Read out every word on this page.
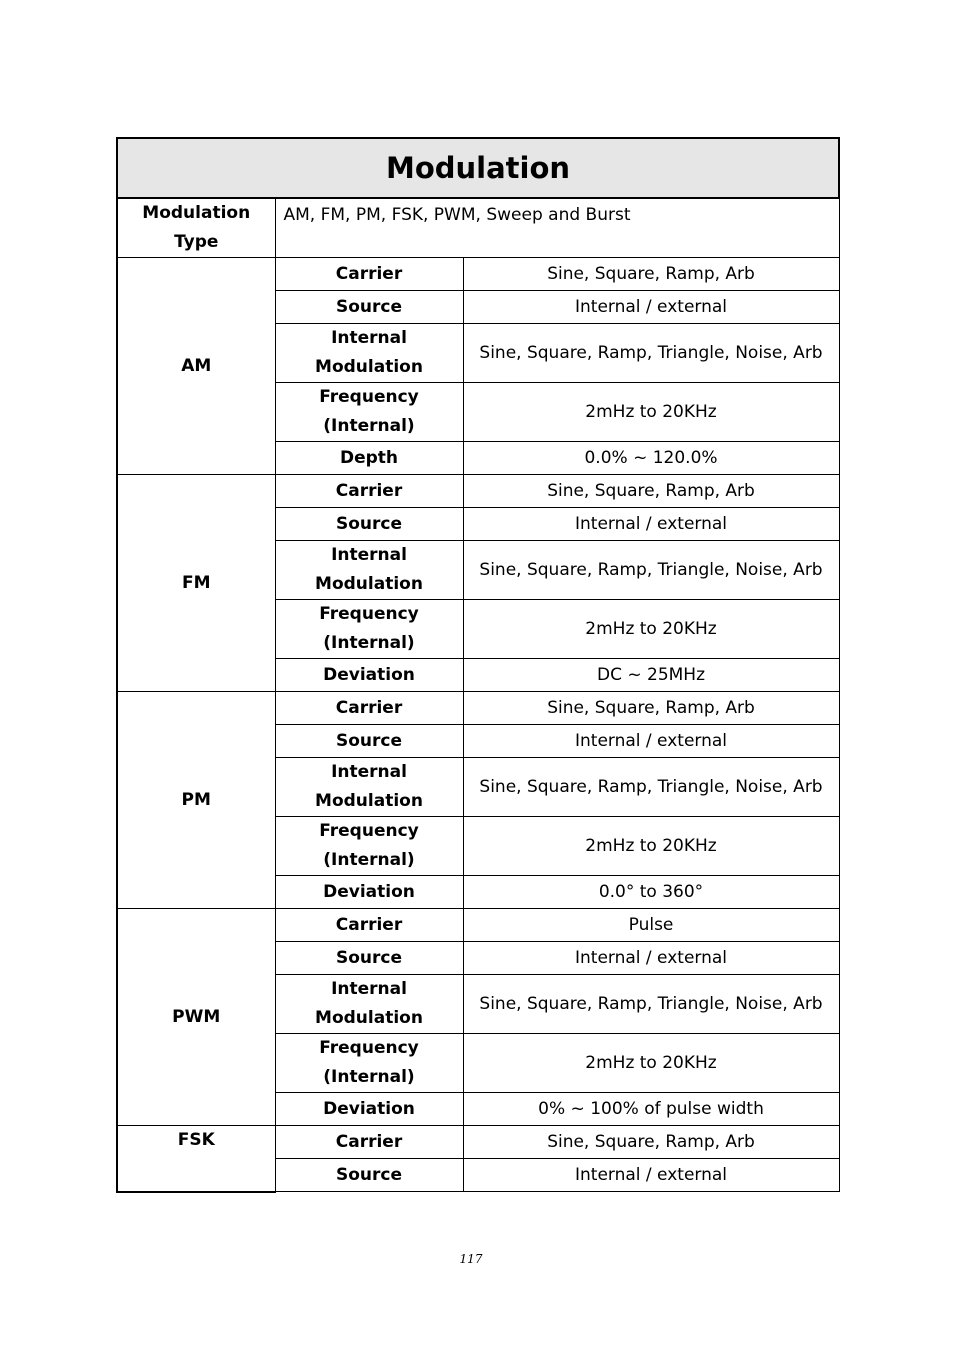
Modulation		
Modulation Type	AM, FM, PM, FSK, PWM, Sweep and Burst	
AM	Carrier	Sine, Square, Ramp, Arb
	Source	Internal / external
	Internal Modulation	Sine, Square, Ramp, Triangle, Noise, Arb
	Frequency (Internal)	2mHz to 20KHz
	Depth	0.0% ~ 120.0%
FM	Carrier	Sine, Square, Ramp, Arb
	Source	Internal / external
	Internal Modulation	Sine, Square, Ramp, Triangle, Noise, Arb
	Frequency (Internal)	2mHz to 20KHz
	Deviation	DC ~ 25MHz
PM	Carrier	Sine, Square, Ramp, Arb
	Source	Internal / external
	Internal Modulation	Sine, Square, Ramp, Triangle, Noise, Arb
	Frequency (Internal)	2mHz to 20KHz
	Deviation	0.0° to 360°
PWM	Carrier	Pulse
	Source	Internal / external
	Internal Modulation	Sine, Square, Ramp, Triangle, Noise, Arb
	Frequency (Internal)	2mHz to 20KHz
	Deviation	0% ~ 100% of pulse width
FSK	Carrier	Sine, Square, Ramp, Arb
	Source	Internal / external
117
